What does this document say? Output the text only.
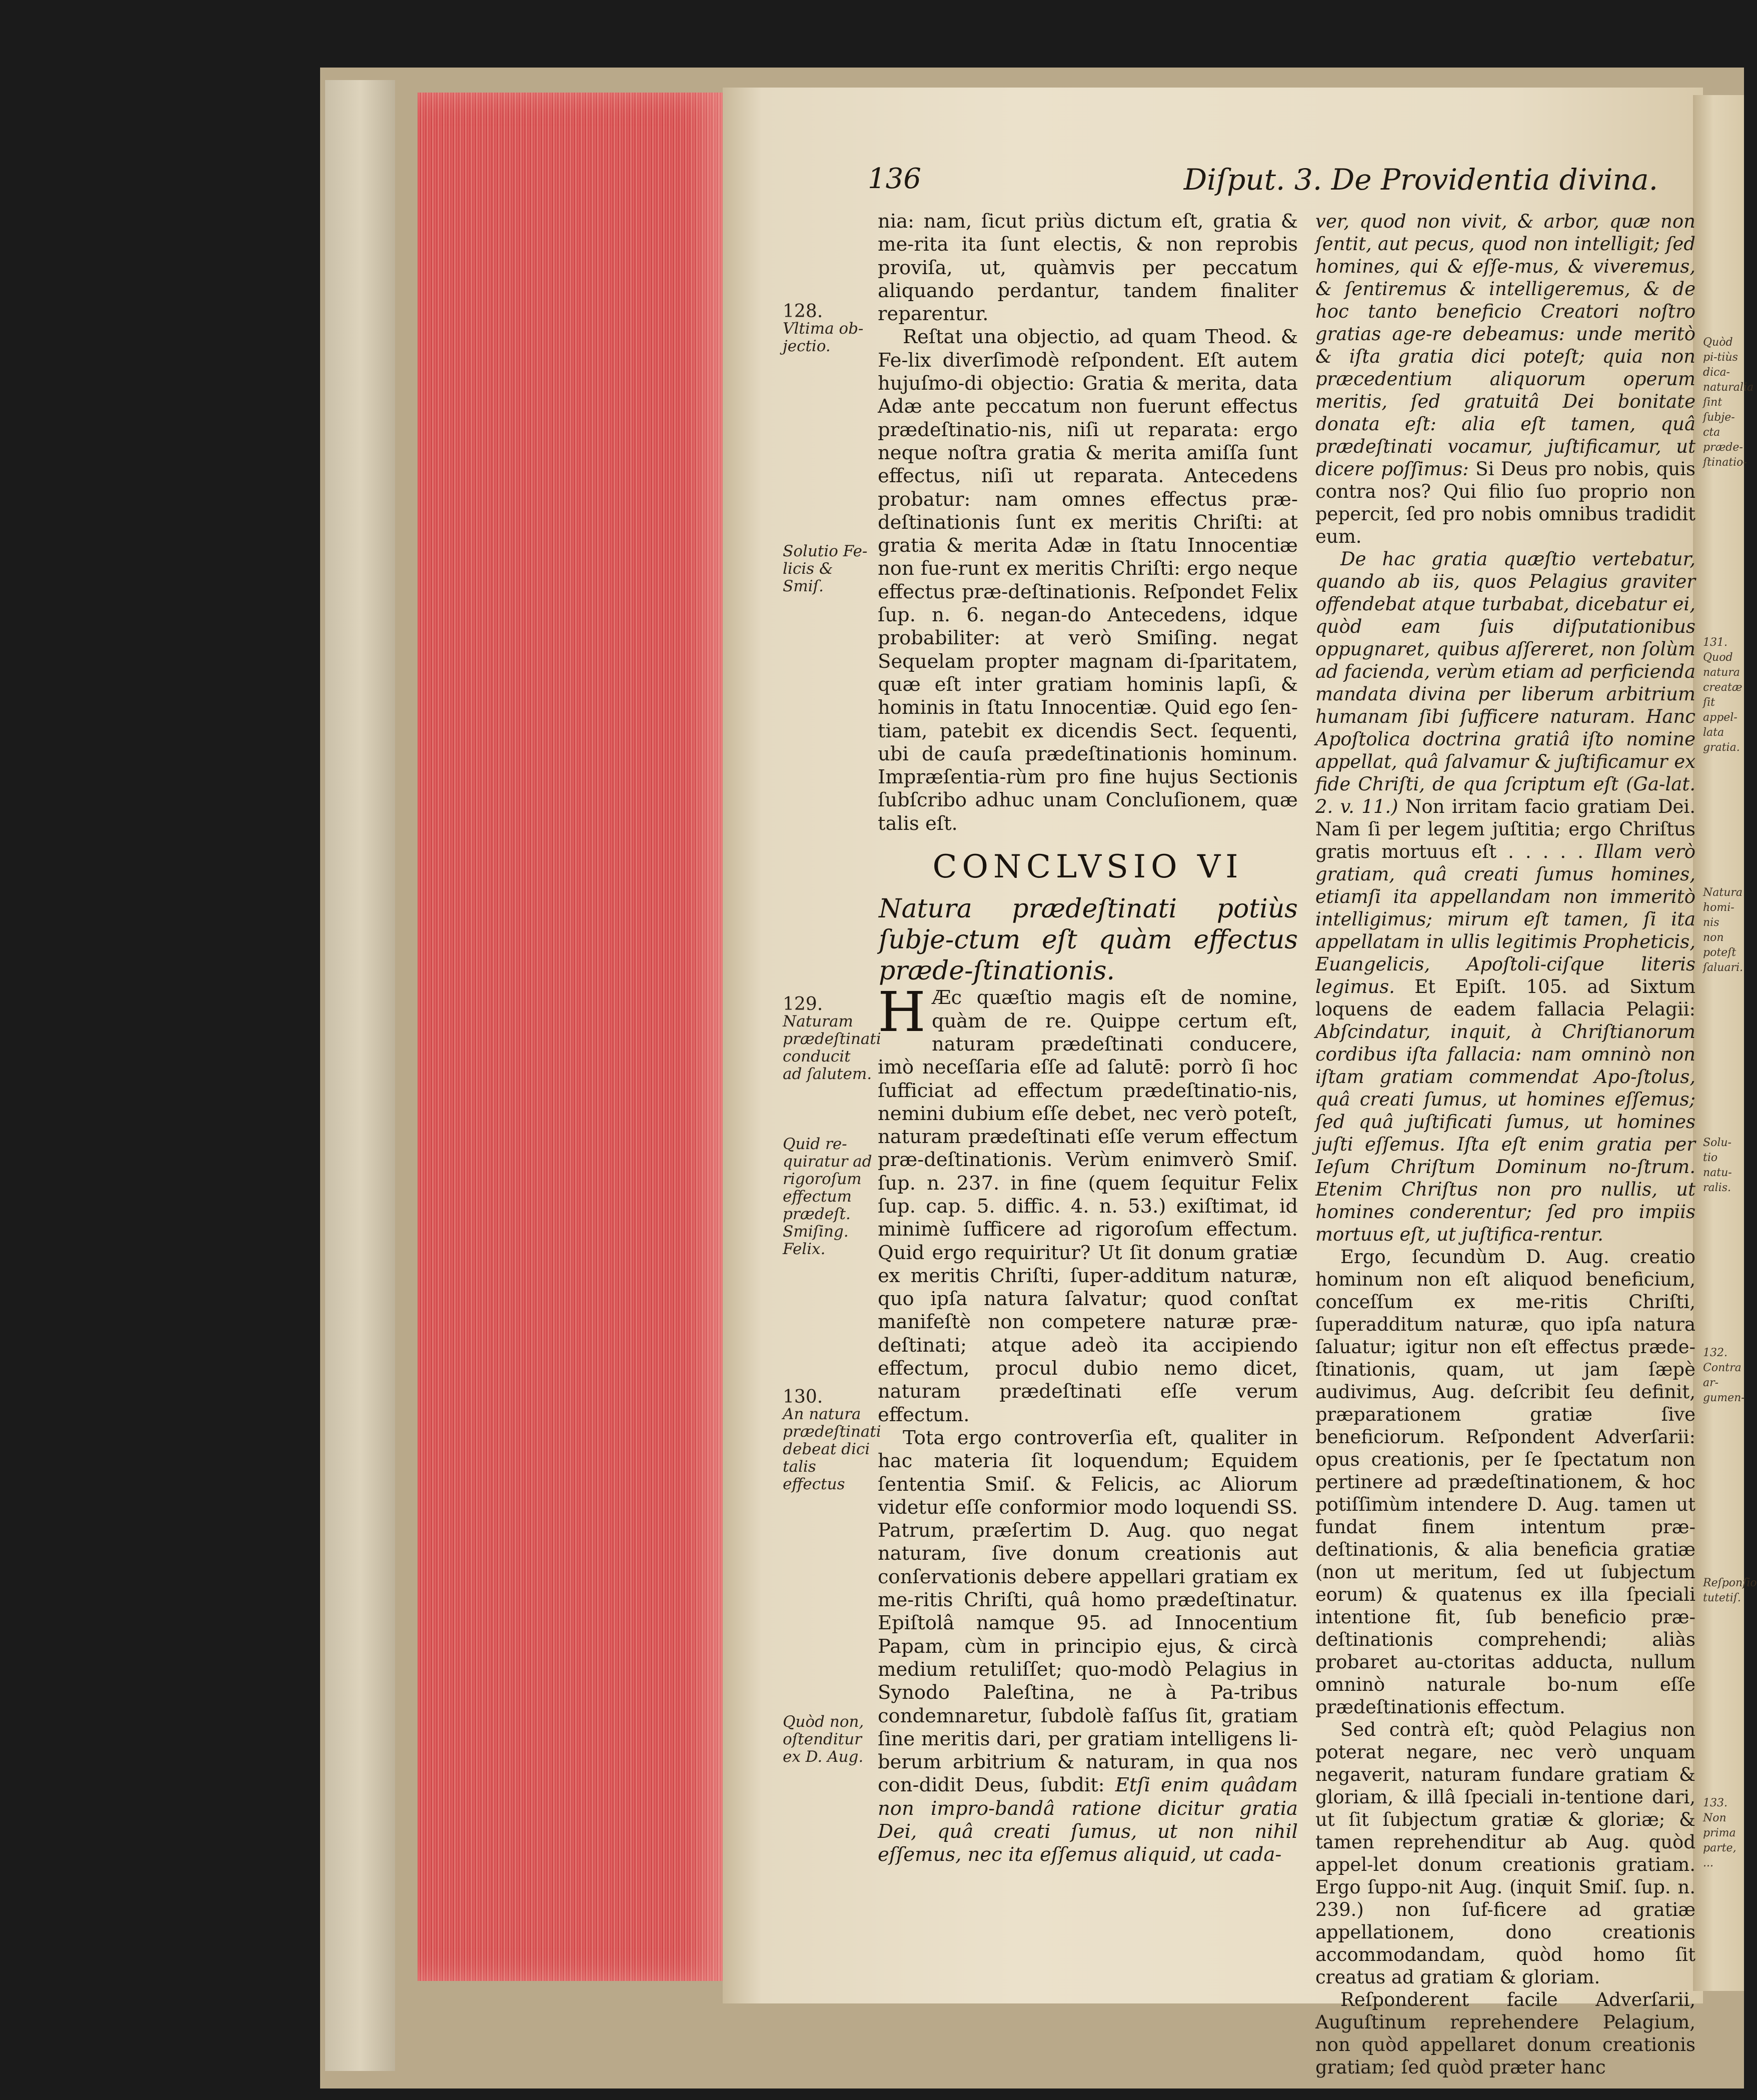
Quòd pi-tiùs dica-naturalia ſint ſubje-cta præde-ſtinatio-

131. Quod natura creatæ ſit appel-lata gratia.

Natura homi-nis non poteſt ſaluari.

Solu-tio natu-ralis.

132. Contra ar-gumen-

Reſponſio tutetiſ.

133. Non prima parte, ...

136	Diſput. 3. De Providentia divina.
128.
Vltima ob-jectio.
Solutio Fe-licis & Smiſ.
129.
Naturam prædeſtinati conducit ad ſalutem.
Quid re-quiratur ad rigoroſum effectum prædeſt. Smiſing. Felix.
130.
An natura prædeſtinati debeat dici talis effectus
Quòd non, oſtenditur ex D. Aug.

nia: nam, ſicut priùs dictum eſt, gratia & me-rita ita ſunt electis, & non reprobis proviſa, ut, quàmvis per peccatum aliquando perdantur, tandem finaliter reparentur.

Reſtat una objectio, ad quam Theod. & Fe-lix diverſimodè reſpondent. Eſt autem hujuſmo-di objectio: Gratia & merita, data Adæ ante peccatum non fuerunt effectus prædeſtinatio-nis, niſi ut reparata: ergo neque noſtra gratia & merita amiſſa ſunt effectus, niſi ut reparata. Antecedens probatur: nam omnes effectus præ-deſtinationis ſunt ex meritis Chriſti: at gratia & merita Adæ in ſtatu Innocentiæ non fue-runt ex meritis Chriſti: ergo neque effectus præ-deſtinationis. Reſpondet Felix ſup. n. 6. negan-do Antecedens, idque probabiliter: at verò Smiſing. negat Sequelam propter magnam di-ſparitatem, quæ eſt inter gratiam hominis lapſi, & hominis in ſtatu Innocentiæ. Quid ego ſen-tiam, patebit ex dicendis Sect. ſequenti, ubi de cauſa prædeſtinationis hominum. Impræſentia-rùm pro fine hujus Sectionis ſubſcribo adhuc unam Concluſionem, quæ talis eſt.

CONCLVSIO VI

Natura prædeſtinati potiùs ſubje-ctum eſt quàm effectus præde-ſtinationis.

H Æc quæſtio magis eſt de nomine, quàm de re. Quippe certum eſt, naturam prædeſtinati conducere, imò neceſſaria eſſe ad ſalutē: porrò ſi hoc ſufficiat ad effectum prædeſtinatio-nis, nemini dubium eſſe debet, nec verò poteſt, naturam prædeſtinati eſſe verum effectum præ-deſtinationis. Verùm enimverò Smiſ. ſup. n. 237. in fine (quem ſequitur Felix ſup. cap. 5. diffic. 4. n. 53.) exiſtimat, id minimè ſufficere ad rigoroſum effectum. Quid ergo requiritur? Ut ſit donum gratiæ ex meritis Chriſti, ſuper-additum naturæ, quo ipſa natura ſalvatur; quod conſtat manifeſtè non competere naturæ præ-deſtinati; atque adeò ita accipiendo effectum, procul dubio nemo dicet, naturam prædeſtinati eſſe verum effectum.

Tota ergo controverſia eſt, qualiter in hac materia ſit loquendum; Equidem ſententia Smiſ. & Felicis, ac Aliorum videtur eſſe conformior modo loquendi SS. Patrum, præſertim D. Aug. quo negat naturam, ſive donum creationis aut conſervationis debere appellari gratiam ex me-ritis Chriſti, quâ homo prædeſtinatur. Epiſtolâ namque 95. ad Innocentium Papam, cùm in principio ejus, & circà medium retuliſſet; quo-modò Pelagius in Synodo Paleſtina, ne à Pa-tribus condemnaretur, ſubdolè faſſus ſit, gratiam ſine meritis dari, per gratiam intelligens li-berum arbitrium & naturam, in qua nos con-didit Deus, ſubdit: Etſi enim quâdam non impro-bandâ ratione dicitur gratia Dei, quâ creati ſumus, ut non nihil eſſemus, nec ita eſſemus aliquid, ut cada-

ver, quod non vivit, & arbor, quæ non ſentit, aut pecus, quod non intelligit; ſed homines, qui & eſſe-mus, & viveremus, & ſentiremus & intelligeremus, & de hoc tanto beneficio Creatori noſtro gratias age-re debeamus: unde meritò & iſta gratia dici poteſt; quia non præcedentium aliquorum operum meritis, ſed gratuitâ Dei bonitate donata eſt: alia eſt tamen, quâ prædeſtinati vocamur, juſtificamur, ut dicere poſſimus: Si Deus pro nobis, quis contra nos? Qui filio ſuo proprio non pepercit, ſed pro nobis omnibus tradidit eum.

De hac gratia quæſtio vertebatur, quando ab iis, quos Pelagius graviter offendebat atque turbabat, dicebatur ei, quòd eam ſuis diſputationibus oppugnaret, quibus aſſereret, non ſolùm ad facienda, verùm etiam ad perficienda mandata divina per liberum arbitrium humanam ſibi ſufficere naturam. Hanc Apoſtolica doctrina gratiâ iſto nomine appellat, quâ ſalvamur & juſtificamur ex fide Chriſti, de qua ſcriptum eſt (Ga-lat. 2. v. 11.) Non irritam facio gratiam Dei. Nam ſi per legem juſtitia; ergo Chriſtus gratis mortuus eſt . . . . . Illam verò gratiam, quâ creati ſumus homines, etiamſi ita appellandam non immeritò intelligimus; mirum eſt tamen, ſi ita appellatam in ullis legitimis Propheticis, Euangelicis, Apoſtoli-ciſque literis legimus. Et Epiſt. 105. ad Sixtum loquens de eadem fallacia Pelagii: Abſcindatur, inquit, à Chriſtianorum cordibus iſta fallacia: nam omninò non iſtam gratiam commendat Apo-ſtolus, quâ creati ſumus, ut homines eſſemus; ſed quâ juſtificati ſumus, ut homines juſti eſſemus. Iſta eſt enim gratia per Ieſum Chriſtum Dominum no-ſtrum. Etenim Chriſtus non pro nullis, ut homines conderentur; ſed pro impiis mortuus eſt, ut juſtifica-rentur.

Ergo, ſecundùm D. Aug. creatio hominum non eſt aliquod beneficium, conceſſum ex me-ritis Chriſti, ſuperadditum naturæ, quo ipſa natura ſaluatur; igitur non eſt effectus præde-ſtinationis, quam, ut jam ſæpè audivimus, Aug. deſcribit ſeu definit, præparationem gratiæ ſive beneficiorum. Reſpondent Adverſarii: opus creationis, per ſe ſpectatum non pertinere ad prædeſtinationem, & hoc potiſſimùm intendere D. Aug. tamen ut fundat finem intentum præ-deſtinationis, & alia beneficia gratiæ (non ut meritum, ſed ut ſubjectum eorum) & quatenus ex illa ſpeciali intentione fit, ſub beneficio præ-deſtinationis comprehendi; aliàs probaret au-ctoritas adducta, nullum omninò naturale bo-num eſſe prædeſtinationis effectum.

Sed contrà eſt; quòd Pelagius non poterat negare, nec verò unquam negaverit, naturam fundare gratiam & gloriam, & illâ ſpeciali in-tentione dari, ut ſit ſubjectum gratiæ & gloriæ; & tamen reprehenditur ab Aug. quòd appel-let donum creationis gratiam. Ergo ſuppo-nit Aug. (inquit Smiſ. ſup. n. 239.) non ſuf-ficere ad gratiæ appellationem, dono creationis accommodandam, quòd homo ſit creatus ad gratiam & gloriam.

Reſponderent facile Adverſarii, Auguſtinum reprehendere Pelagium, non quòd appellaret donum creationis gratiam; ſed quòd præter hanc
